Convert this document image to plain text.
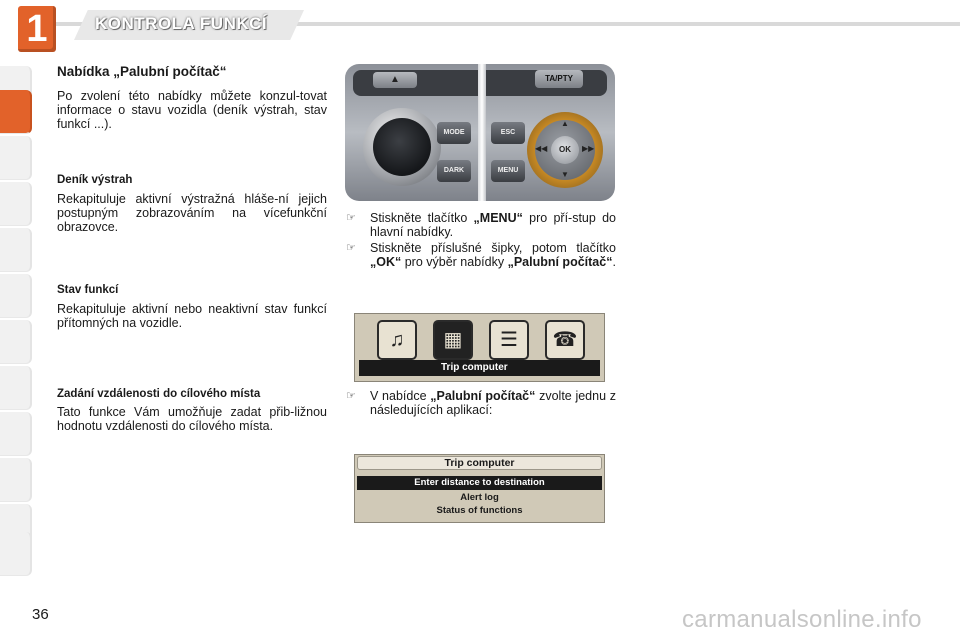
1	KONTROLA FUNKCÍ
Nabídka „Palubní počítač“
Po zvolení této nabídky můžete konzul-tovat informace o stavu vozidla (deník výstrah, stav funkcí ...).
Deník výstrah
Rekapituluje aktivní výstražná hláše-ní jejich postupným zobrazováním na vícefunkční obrazovce.
Stav funkcí
Rekapituluje aktivní nebo neaktivní stav funkcí přítomných na vozidle.
Zadání vzdálenosti do cílového místa
Tato funkce Vám umožňuje zadat přib-ližnou hodnotu vzdálenosti do cílového místa.
▲	TA/PTY
MODE
DARK
ESC
MENU
▲
▼
◀◀	▶▶
OK
☞ Stiskněte tlačítko „MENU“ pro pří-stup do hlavní nabídky.
☞ Stiskněte příslušné šipky, potom tlačítko „OK“ pro výběr nabídky „Palubní počítač“.
♫	▦	☰	☎
Trip computer
☞ V nabídce „Palubní počítač“ zvolte jednu z následujících aplikací:
Trip computer
Enter distance to destination
Alert log
Status of functions
36	carmanualsonline.info
